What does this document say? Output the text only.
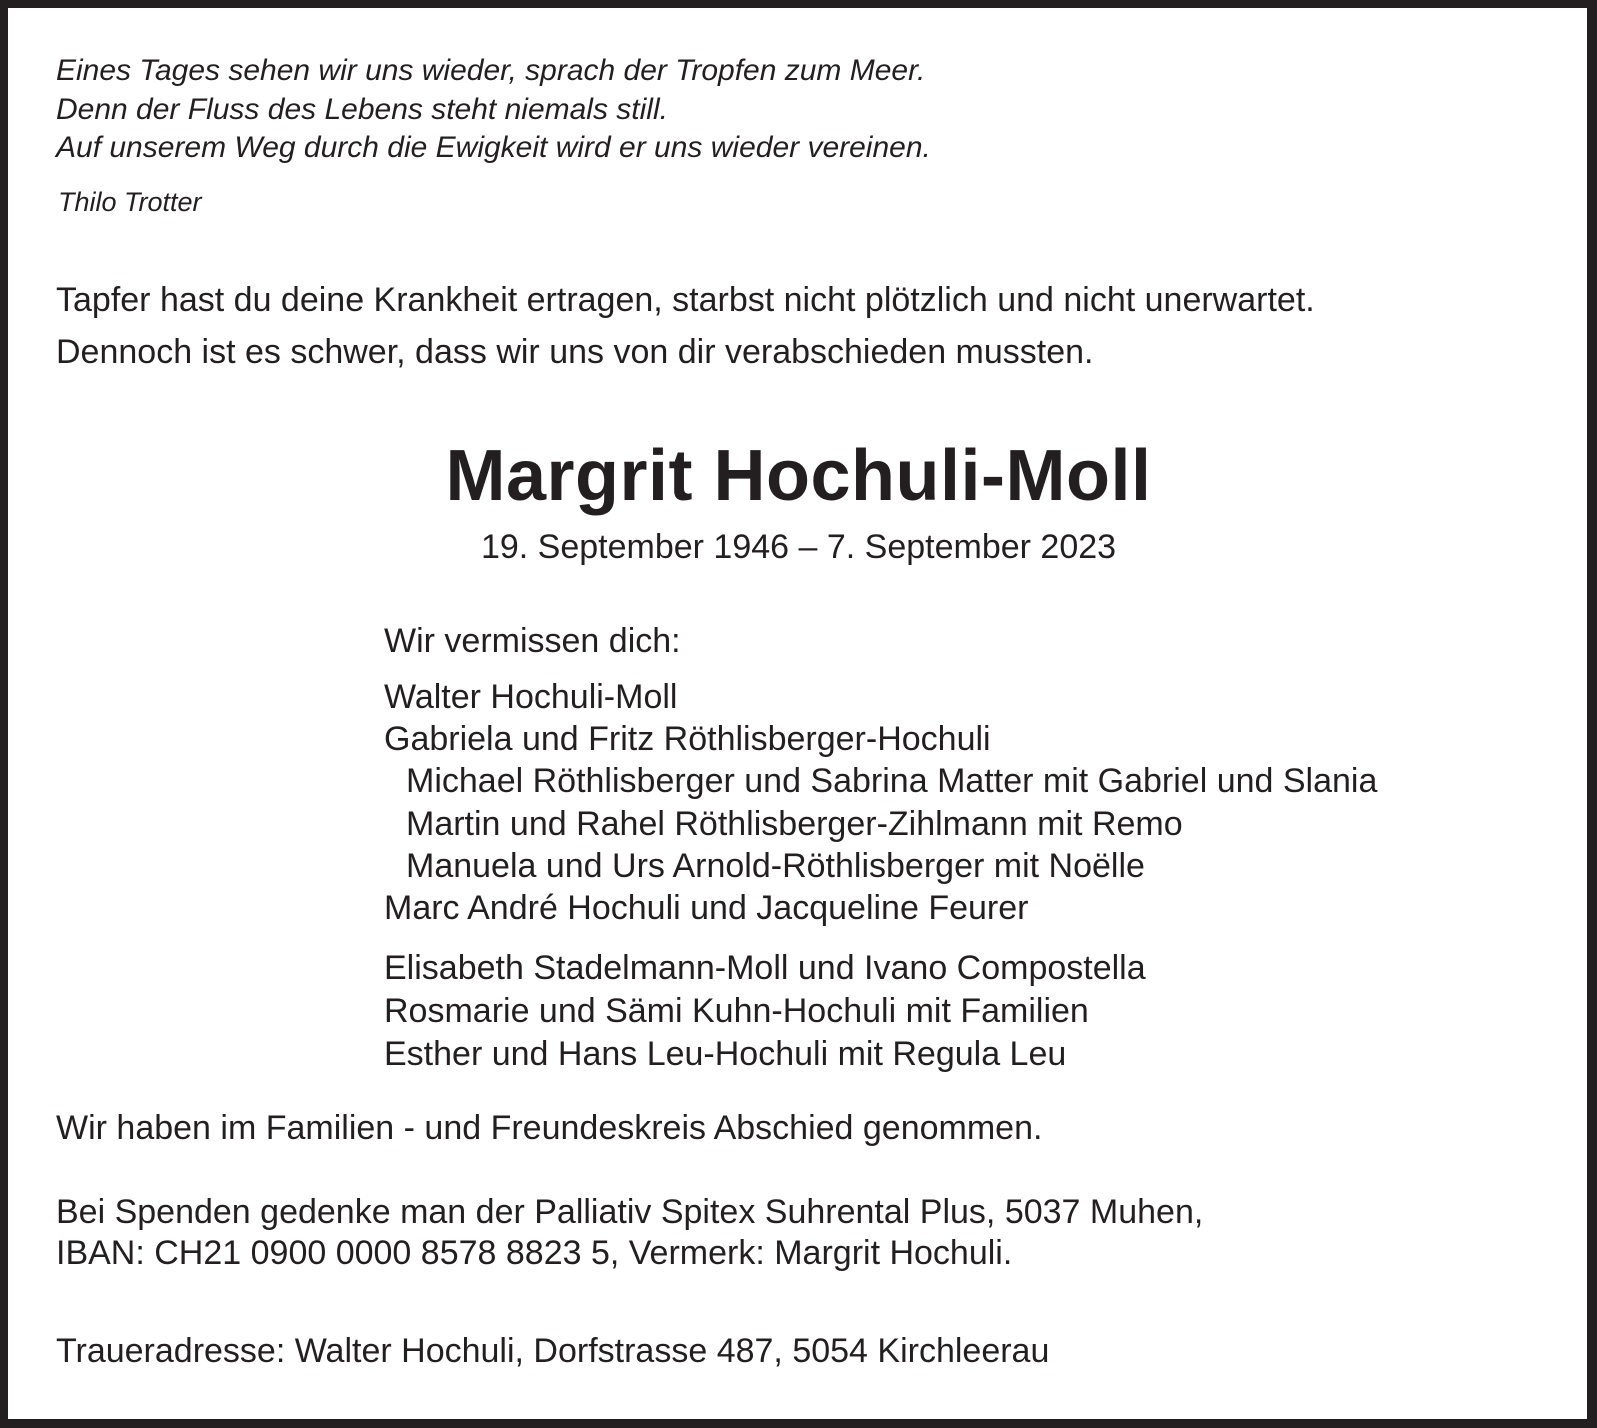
Eines Tages sehen wir uns wieder, sprach der Tropfen zum Meer.
Denn der Fluss des Lebens steht niemals still.
Auf unserem Weg durch die Ewigkeit wird er uns wieder vereinen.
Thilo Trotter
Tapfer hast du deine Krankheit ertragen, starbst nicht plötzlich und nicht unerwartet.
Dennoch ist es schwer, dass wir uns von dir verabschieden mussten.
Margrit Hochuli-Moll
19. September 1946 – 7. September 2023
Wir vermissen dich:
Walter Hochuli-Moll
Gabriela und Fritz Röthlisberger-Hochuli
Michael Röthlisberger und Sabrina Matter mit Gabriel und Slania
Martin und Rahel Röthlisberger-Zihlmann mit Remo
Manuela und Urs Arnold-Röthlisberger mit Noëlle
Marc André Hochuli und Jacqueline Feurer
Elisabeth Stadelmann-Moll und Ivano Compostella
Rosmarie und Sämi Kuhn-Hochuli mit Familien
Esther und Hans Leu-Hochuli mit Regula Leu
Wir haben im Familien - und Freundeskreis Abschied genommen.
Bei Spenden gedenke man der Palliativ Spitex Suhrental Plus, 5037 Muhen,
IBAN: CH21 0900 0000 8578 8823 5, Vermerk: Margrit Hochuli.
Traueradresse: Walter Hochuli, Dorfstrasse 487, 5054 Kirchleerau
